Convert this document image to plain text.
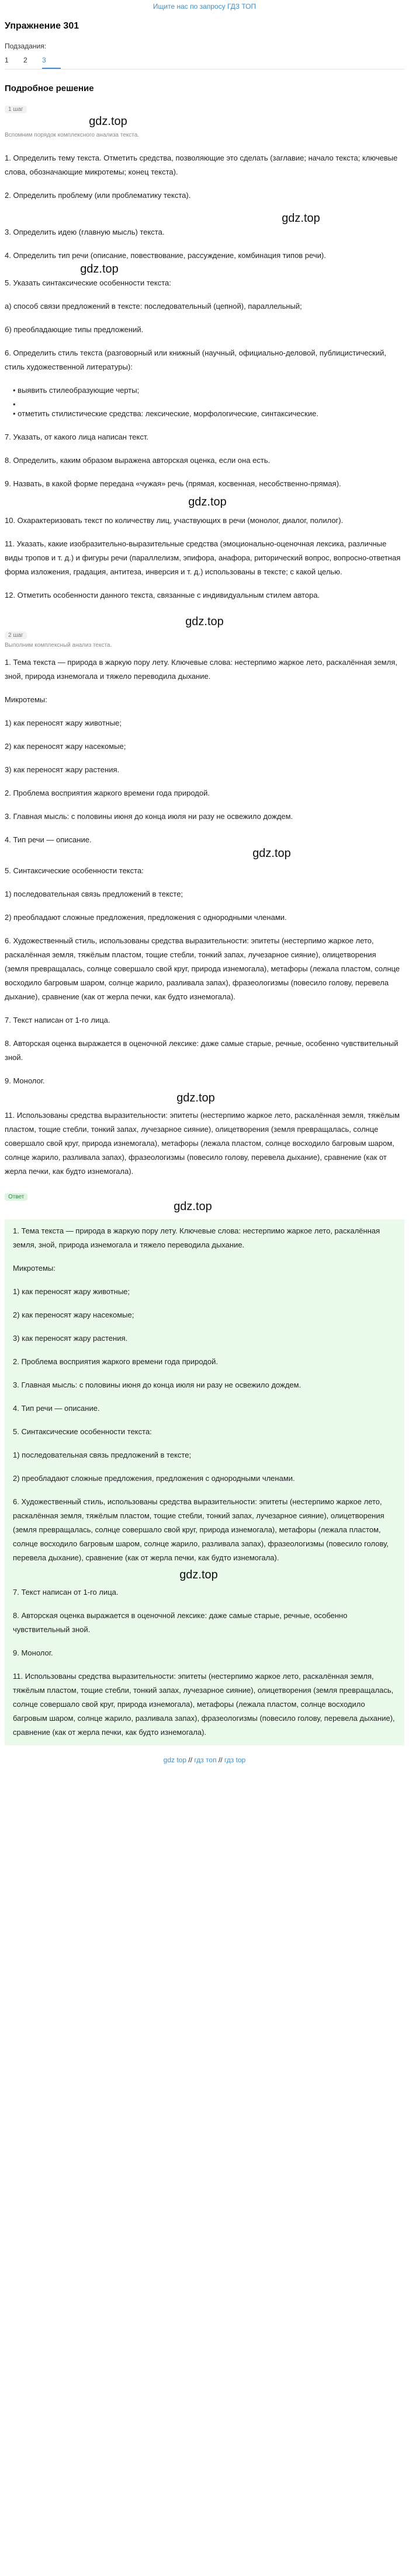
Ищите нас по запросу ГДЗ ТОП
Упражнение 301
Подзадания:
1	2	3
Подробное решение
1 шаг
gdz.top
Вспомним порядок комплексного анализа текста.
1. Определить тему текста. Отметить средства, позволяющие это сделать (заглавие; начало текста; ключевые слова, обозначающие микротемы; конец текста).
2. Определить проблему (или проблематику текста).
gdz.top
3. Определить идею (главную мысль) текста.
4. Определить тип речи (описание, повествование, рассуждение, комбинация типов речи).
gdz.top
5. Указать синтаксические особенности текста:
а) способ связи предложений в тексте: последовательный (цепной), параллельный;
б) преобладающие типы предложений.
6. Определить стиль текста (разговорный или книжный (научный, официально-деловой, публицистический, стиль художественной литературы):
• выявить стилеобразующие черты;
•
• отметить стилистические средства: лексические, морфологические, синтаксические.
7. Указать, от какого лица написан текст.
8. Определить, каким образом выражена авторская оценка, если она есть.
9. Назвать, в какой форме передана «чужая» речь (прямая, косвенная, несобственно-прямая).
gdz.top
10. Охарактеризовать текст по количеству лиц, участвующих в речи (монолог, диалог, полилог).
11. Указать, какие изобразительно-выразительные средства (эмоционально-оценочная лексика, различные виды тропов и т. д.) и фигуры речи (параллелизм, эпифора, анафора, риторический вопрос, вопросно-ответная форма изложения, градация, антитеза, инверсия и т. д.) использованы в тексте; с какой целью.
12. Отметить особенности данного текста, связанные с индивидуальным стилем автора.
gdz.top
2 шаг
Выполним комплексный анализ текста.
1. Тема текста — природа в жаркую пору лету. Ключевые слова: нестерпимо жаркое лето, раскалённая земля, зной, природа изнемогала и тяжело переводила дыхание.
Микротемы:
1) как переносят жару животные;
2) как переносят жару насекомые;
3) как переносят жару растения.
2. Проблема восприятия жаркого времени года природой.
3. Главная мысль: с половины июня до конца июля ни разу не освежило дождем.
4. Тип речи — описание.
gdz.top
5. Синтаксические особенности текста:
1) последовательная связь предложений в тексте;
2) преобладают сложные предложения, предложения с однородными членами.
6. Художественный стиль, использованы средства выразительности: эпитеты (нестерпимо жаркое лето, раскалённая земля, тяжёлым пластом, тощие стебли, тонкий запах, лучезарное сияние), олицетворения (земля превращалась, солнце совершало свой круг, природа изнемогала), метафоры (лежала пластом, солнце восходило багровым шаром, солнце жарило, разливала запах), фразеологизмы (повесило голову, перевела дыхание), сравнение (как от жерла печки, как будто изнемогала).
7. Текст написан от 1-го лица.
8. Авторская оценка выражается в оценочной лексике: даже самые старые, речные, особенно чувствительный зной.
9. Монолог.
gdz.top
11. Использованы средства выразительности: эпитеты (нестерпимо жаркое лето, раскалённая земля, тяжёлым пластом, тощие стебли, тонкий запах, лучезарное сияние), олицетворения (земля превращалась, солнце совершало свой круг, природа изнемогала), метафоры (лежала пластом, солнце восходило багровым шаром, солнце жарило, разливала запах), фразеологизмы (повесило голову, перевела дыхание), сравнение (как от жерла печки, как будто изнемогала).
Ответ
gdz.top
1. Тема текста — природа в жаркую пору лету. Ключевые слова: нестерпимо жаркое лето, раскалённая земля, зной, природа изнемогала и тяжело переводила дыхание.
Микротемы:
1) как переносят жару животные;
2) как переносят жару насекомые;
3) как переносят жару растения.
2. Проблема восприятия жаркого времени года природой.
3. Главная мысль: с половины июня до конца июля ни разу не освежило дождем.
4. Тип речи — описание.
5. Синтаксические особенности текста:
1) последовательная связь предложений в тексте;
2) преобладают сложные предложения, предложения с однородными членами.
6. Художественный стиль, использованы средства выразительности: эпитеты (нестерпимо жаркое лето, раскалённая земля, тяжёлым пластом, тощие стебли, тонкий запах, лучезарное сияние), олицетворения (земля превращалась, солнце совершало свой круг, природа изнемогала), метафоры (лежала пластом, солнце восходило багровым шаром, солнце жарило, разливала запах), фразеологизмы (повесило голову, перевела дыхание), сравнение (как от жерла печки, как будто изнемогала).
gdz.top
7. Текст написан от 1-го лица.
8. Авторская оценка выражается в оценочной лексике: даже самые старые, речные, особенно чувствительный зной.
9. Монолог.
11. Использованы средства выразительности: эпитеты (нестерпимо жаркое лето, раскалённая земля, тяжёлым пластом, тощие стебли, тонкий запах, лучезарное сияние), олицетворения (земля превращалась, солнце совершало свой круг, природа изнемогала), метафоры (лежала пластом, солнце восходило багровым шаром, солнце жарило, разливала запах), фразеологизмы (повесило голову, перевела дыхание), сравнение (как от жерла печки, как будто изнемогала).
gdz top // гдз топ // гдз top
